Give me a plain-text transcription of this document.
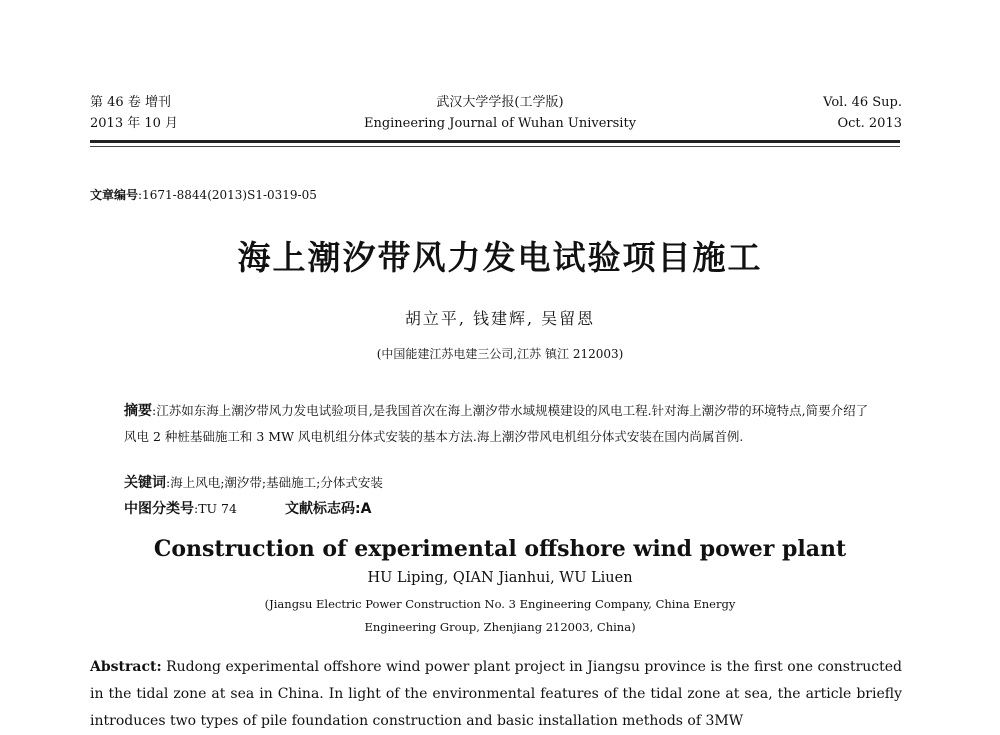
第 46 卷 增刊
2013 年 10 月
武汉大学学报(工学版)
Engineering Journal of Wuhan University
Vol. 46 Sup.
Oct. 2013
文章编号:1671-8844(2013)S1-0319-05
海上潮汐带风力发电试验项目施工
胡立平, 钱建辉, 吴留恩
(中国能建江苏电建三公司,江苏 镇江 212003)
摘要:江苏如东海上潮汐带风力发电试验项目,是我国首次在海上潮汐带水域规模建设的风电工程.针对海上潮汐带的环境特点,简要介绍了风电 2 种桩基础施工和 3 MW 风电机组分体式安装的基本方法.海上潮汐带风电机组分体式安装在国内尚属首例.
关键词:海上风电;潮汐带;基础施工;分体式安装
中图分类号:TU 74	文献标志码:A
Construction of experimental offshore wind power plant
HU Liping, QIAN Jianhui, WU Liuen
(Jiangsu Electric Power Construction No. 3 Engineering Company, China Energy
Engineering Group, Zhenjiang 212003, China)
Abstract: Rudong experimental offshore wind power plant project in Jiangsu province is the first one constructed in the tidal zone at sea in China. In light of the environmental features of the tidal zone at sea, the article briefly introduces two types of pile foundation construction and basic installation methods of 3MW
